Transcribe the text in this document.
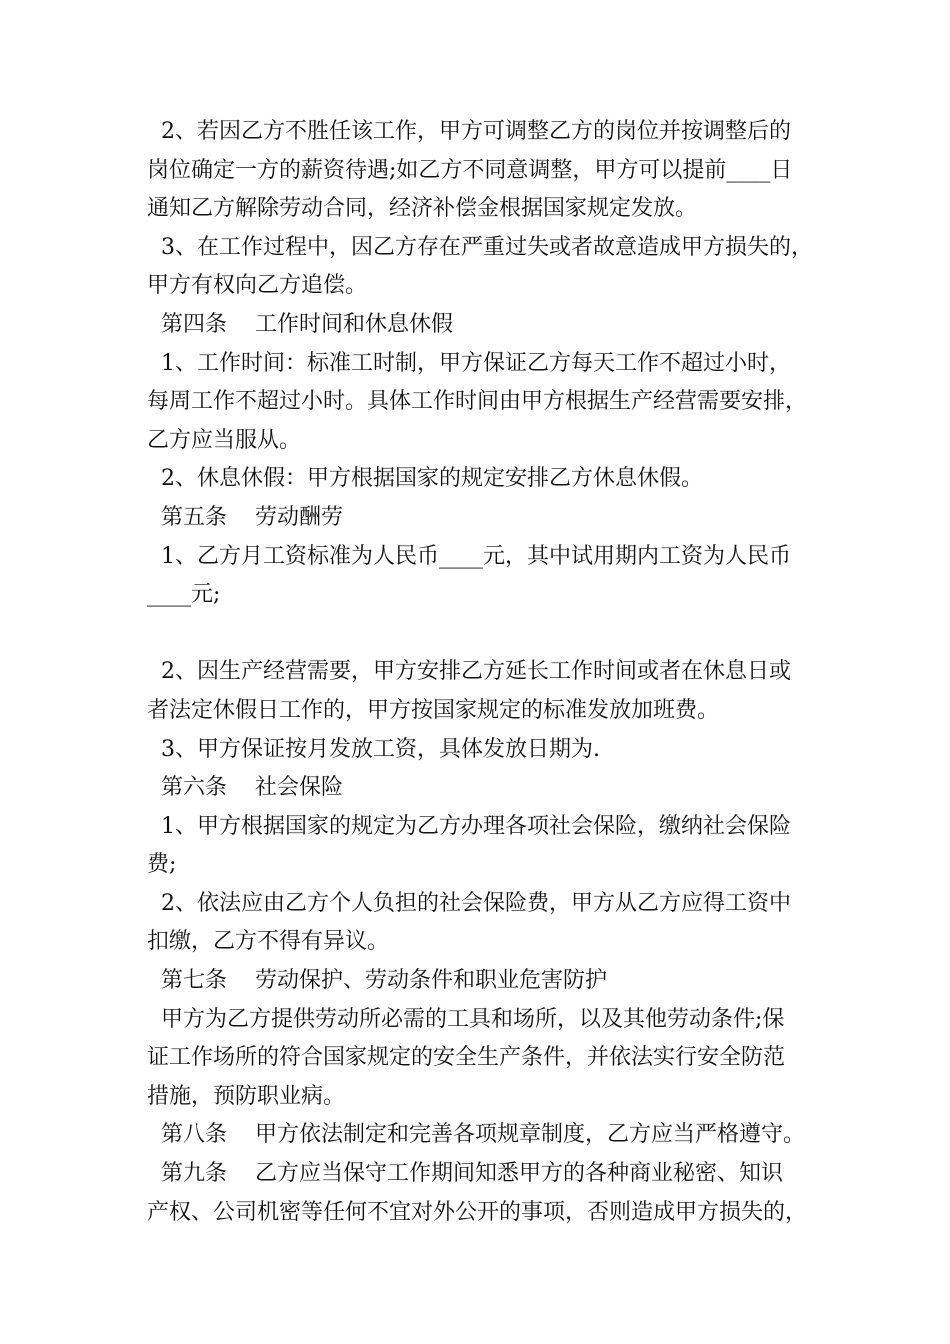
2、若因乙方不胜任该工作，甲方可调整乙方的岗位并按调整后的
岗位确定一方的薪资待遇;如乙方不同意调整，甲方可以提前____日
通知乙方解除劳动合同，经济补偿金根据国家规定发放。
3、在工作过程中，因乙方存在严重过失或者故意造成甲方损失的，
甲方有权向乙方追偿。
第四条    工作时间和休息休假
1、工作时间：标准工时制，甲方保证乙方每天工作不超过小时，
每周工作不超过小时。具体工作时间由甲方根据生产经营需要安排，
乙方应当服从。
2、休息休假：甲方根据国家的规定安排乙方休息休假。
第五条    劳动酬劳
1、乙方月工资标准为人民币____元，其中试用期内工资为人民币
____元;
2、因生产经营需要，甲方安排乙方延长工作时间或者在休息日或
者法定休假日工作的，甲方按国家规定的标准发放加班费。
3、甲方保证按月发放工资，具体发放日期为.
第六条    社会保险
1、甲方根据国家的规定为乙方办理各项社会保险，缴纳社会保险
费;
2、依法应由乙方个人负担的社会保险费，甲方从乙方应得工资中
扣缴，乙方不得有异议。
第七条    劳动保护、劳动条件和职业危害防护
甲方为乙方提供劳动所必需的工具和场所，以及其他劳动条件;保
证工作场所的符合国家规定的安全生产条件，并依法实行安全防范
措施，预防职业病。
第八条    甲方依法制定和完善各项规章制度，乙方应当严格遵守。
第九条    乙方应当保守工作期间知悉甲方的各种商业秘密、知识
产权、公司机密等任何不宜对外公开的事项，否则造成甲方损失的，
